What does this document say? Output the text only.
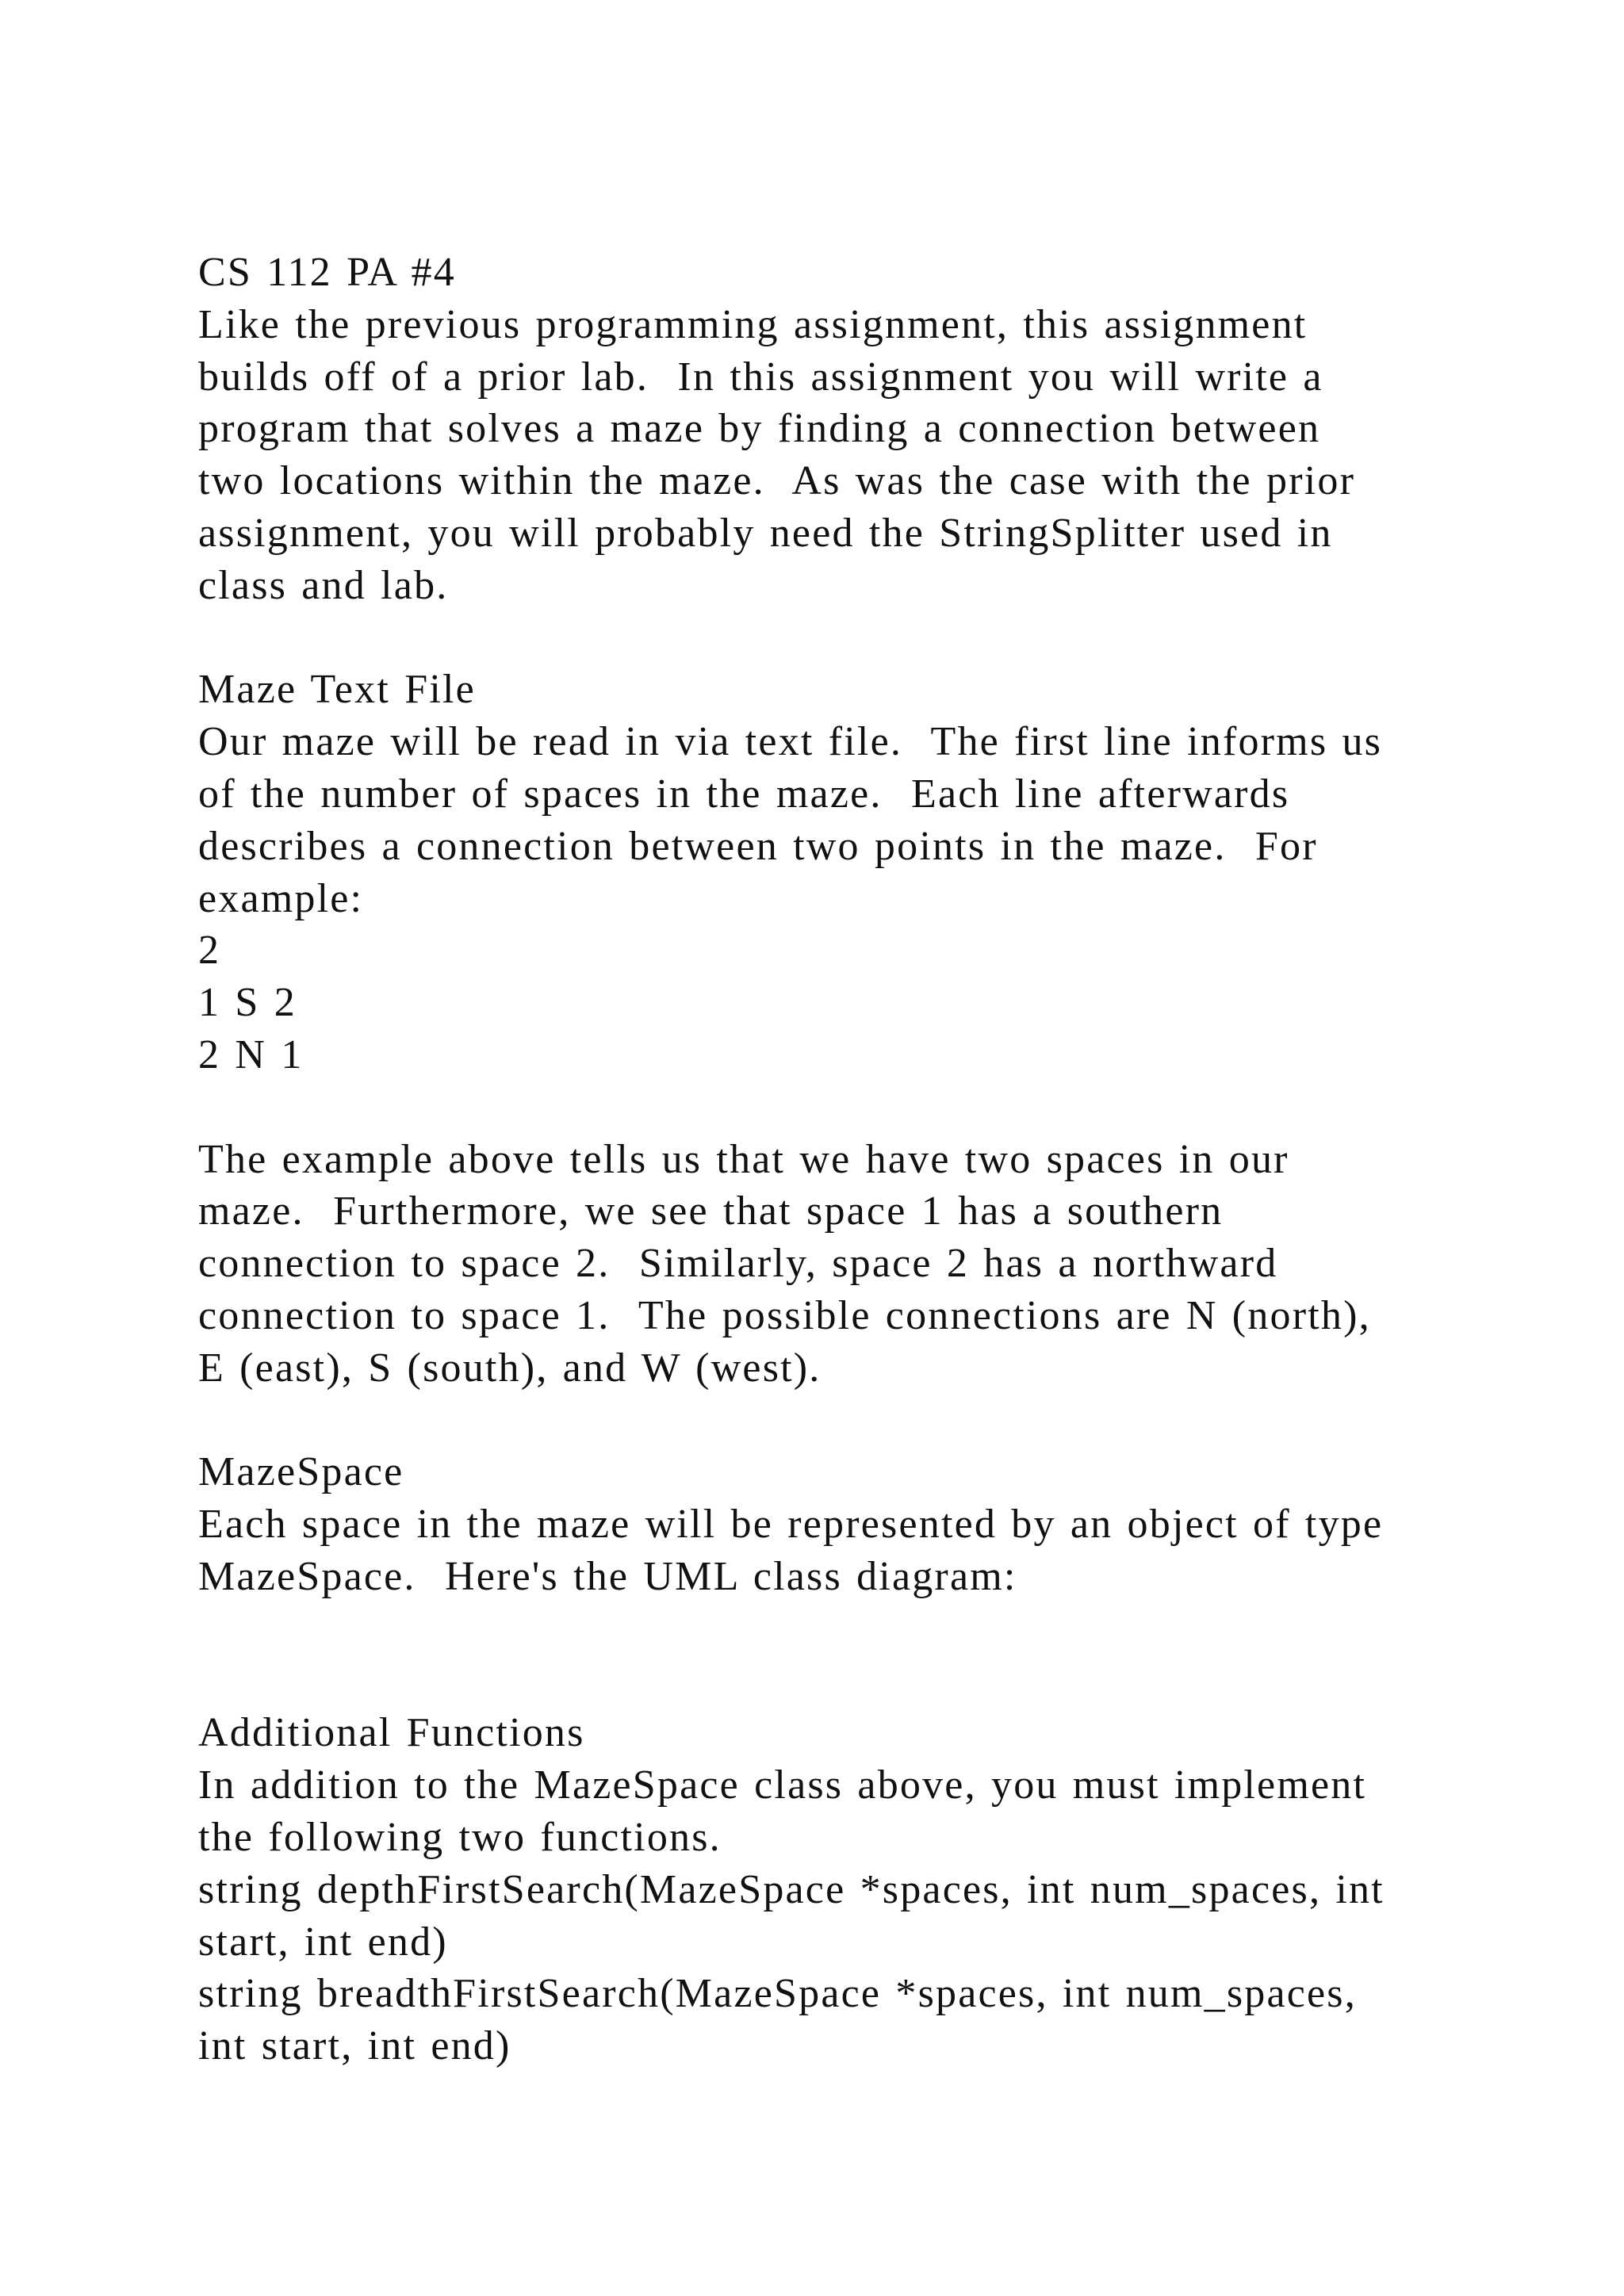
CS 112 PA #4
Like the previous programming assignment, this assignment
builds off of a prior lab.  In this assignment you will write a
program that solves a maze by finding a connection between
two locations within the maze.  As was the case with the prior
assignment, you will probably need the StringSplitter used in
class and lab.
Maze Text File
Our maze will be read in via text file.  The first line informs us
of the number of spaces in the maze.  Each line afterwards
describes a connection between two points in the maze.  For
example:
2
1 S 2
2 N 1
The example above tells us that we have two spaces in our
maze.  Furthermore, we see that space 1 has a southern
connection to space 2.  Similarly, space 2 has a northward
connection to space 1.  The possible connections are N (north),
E (east), S (south), and W (west).
MazeSpace
Each space in the maze will be represented by an object of type
MazeSpace.  Here's the UML class diagram:
Additional Functions
In addition to the MazeSpace class above, you must implement
the following two functions.
string depthFirstSearch(MazeSpace *spaces, int num_spaces, int
start, int end)
string breadthFirstSearch(MazeSpace *spaces, int num_spaces,
int start, int end)
